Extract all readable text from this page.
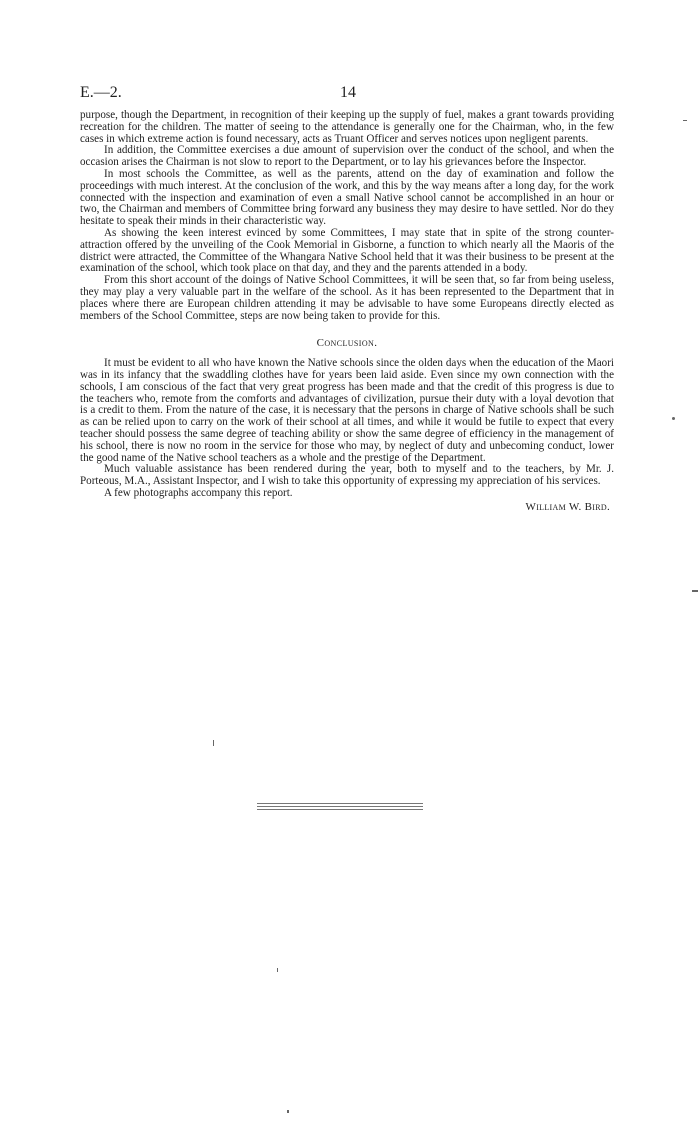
E.—2.	14

purpose, though the Department, in recognition of their keeping up the supply of fuel, makes a grant towards providing recreation for the children. The matter of seeing to the attendance is generally one for the Chairman, who, in the few cases in which extreme action is found necessary, acts as Truant Officer and serves notices upon negligent parents.

In addition, the Committee exercises a due amount of supervision over the conduct of the school, and when the occasion arises the Chairman is not slow to report to the Department, or to lay his grievances before the Inspector.

In most schools the Committee, as well as the parents, attend on the day of examination and follow the proceedings with much interest. At the conclusion of the work, and this by the way means after a long day, for the work connected with the inspection and examination of even a small Native school cannot be accomplished in an hour or two, the Chairman and members of Committee bring forward any business they may desire to have settled. Nor do they hesitate to speak their minds in their characteristic way.

As showing the keen interest evinced by some Committees, I may state that in spite of the strong counter-attraction offered by the unveiling of the Cook Memorial in Gisborne, a function to which nearly all the Maoris of the district were attracted, the Committee of the Whangara Native School held that it was their business to be present at the examination of the school, which took place on that day, and they and the parents attended in a body.

From this short account of the doings of Native School Committees, it will be seen that, so far from being useless, they may play a very valuable part in the welfare of the school. As it has been represented to the Department that in places where there are European children attending it may be advisable to have some Europeans directly elected as members of the School Committee, steps are now being taken to provide for this.

Conclusion.

It must be evident to all who have known the Native schools since the olden days when the education of the Maori was in its infancy that the swaddling clothes have for years been laid aside. Even since my own connection with the schools, I am conscious of the fact that very great progress has been made and that the credit of this progress is due to the teachers who, remote from the comforts and advantages of civilization, pursue their duty with a loyal devotion that is a credit to them. From the nature of the case, it is necessary that the persons in charge of Native schools shall be such as can be relied upon to carry on the work of their school at all times, and while it would be futile to expect that every teacher should possess the same degree of teaching ability or show the same degree of efficiency in the management of his school, there is now no room in the service for those who may, by neglect of duty and unbecoming conduct, lower the good name of the Native school teachers as a whole and the prestige of the Department.

Much valuable assistance has been rendered during the year, both to myself and to the teachers, by Mr. J. Porteous, M.A., Assistant Inspector, and I wish to take this opportunity of expressing my appreciation of his services.

A few photographs accompany this report.

William W. Bird.
